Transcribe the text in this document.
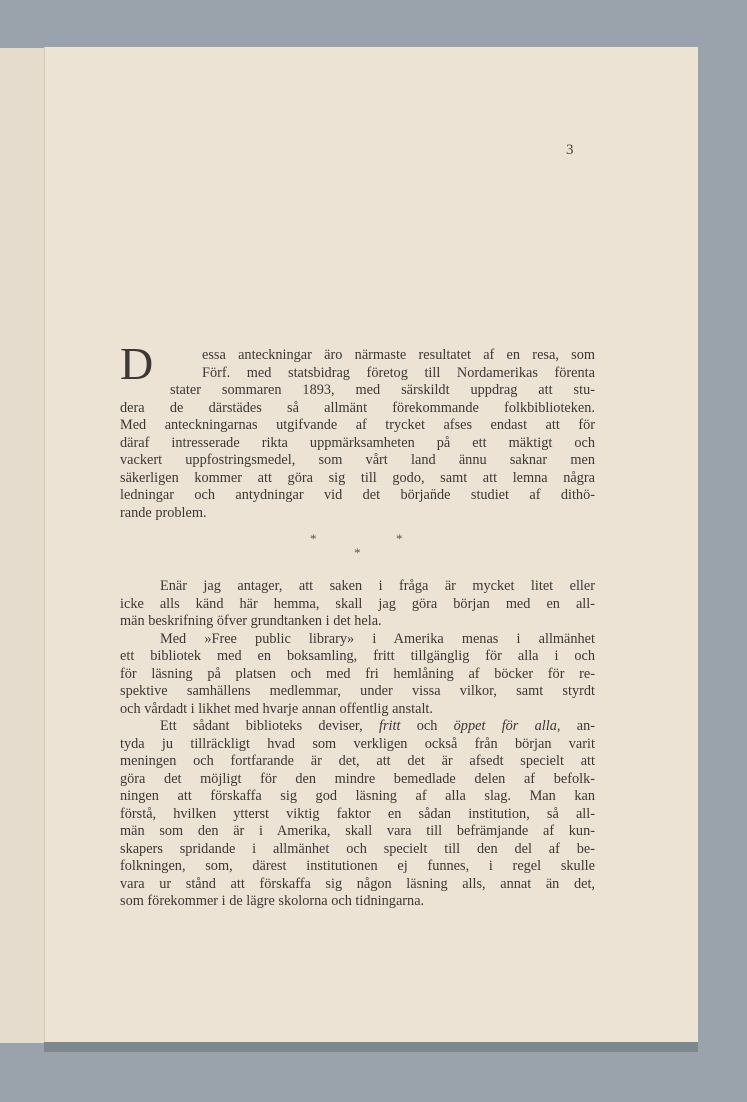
3
D	essa anteckningar äro närmaste resultatet af en resa, som
Förf. med statsbidrag företog till Nordamerikas förenta
stater sommaren 1893, med särskildt uppdrag att stu-
dera de därstädes så allmänt förekommande folkbiblioteken.
Med anteckningarnas utgifvande af trycket afses endast att för
däraf intresserade rikta uppmärksamheten på ett mäktigt och
vackert uppfostringsmedel, som vårt land ännu saknar men
säkerligen kommer att göra sig till godo, samt att lemna några
ledningar och antydningar vid det början̈de studiet af dithö-
rande problem.
*	*
*
Enär jag antager, att saken i fråga är mycket litet eller
icke alls känd här hemma, skall jag göra början med en all-
män beskrifning öfver grundtanken i det hela.
Med »Free public library» i Amerika menas i allmänhet
ett bibliotek med en boksamling, fritt tillgänglig för alla i och
för läsning på platsen och med fri hemlåning af böcker för re-
spektive samhällens medlemmar, under vissa vilkor, samt styrdt
och vårdadt i likhet med hvarje annan offentlig anstalt.
Ett sådant biblioteks deviser, fritt och öppet för alla, an-
tyda ju tillräckligt hvad som verkligen också från början varit
meningen och fortfarande är det, att det är afsedt specielt att
göra det möjligt för den mindre bemedlade delen af befolk-
ningen att förskaffa sig god läsning af alla slag. Man kan
förstå, hvilken ytterst viktig faktor en sådan institution, så all-
män som den är i Amerika, skall vara till befrämjande af kun-
skapers spridande i allmänhet och specielt till den del af be-
folkningen, som, därest institutionen ej funnes, i regel skulle
vara ur stånd att förskaffa sig någon läsning alls, annat än det,
som förekommer i de lägre skolorna och tidningarna.
